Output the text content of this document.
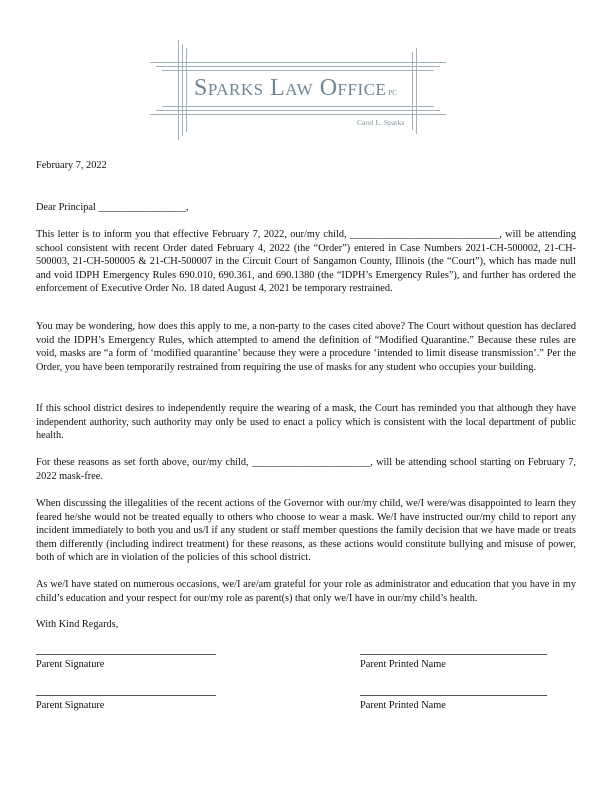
Sparks Law Office PC
Carol L. Sparks
February 7, 2022
Dear Principal _________________,
This letter is to inform you that effective February 7, 2022, our/my child, _____________________________, will be attending school consistent with recent Order dated February 4, 2022 (the “Order”) entered in Case Numbers 2021-CH-500002, 21-CH-500003, 21-CH-500005 & 21-CH-500007 in the Circuit Court of Sangamon County, Illinois (the “Court”), which has made null and void IDPH Emergency Rules 690.010, 690.361, and 690.1380 (the “IDPH’s Emergency Rules”), and further has ordered the enforcement of Executive Order No. 18 dated August 4, 2021 be temporary restrained.
You may be wondering, how does this apply to me, a non-party to the cases cited above? The Court without question has declared void the IDPH’s Emergency Rules, which attempted to amend the definition of “Modified Quarantine.” Because these rules are void, masks are “a form of ‘modified quarantine’ because they were a procedure ‘intended to limit disease transmission’.” Per the Order, you have been temporarily restrained from requiring the use of masks for any student who occupies your building.
If this school district desires to independently require the wearing of a mask, the Court has reminded you that although they have independent authority, such authority may only be used to enact a policy which is consistent with the local department of public health.
For these reasons as set forth above, our/my child, _______________________, will be attending school starting on February 7, 2022 mask-free.
When discussing the illegalities of the recent actions of the Governor with our/my child, we/I were/was disappointed to learn they feared he/she would not be treated equally to others who choose to wear a mask. We/I have instructed our/my child to report any incident immediately to both you and us/I if any student or staff member questions the family decision that we have made or treats them differently (including indirect treatment) for these reasons, as these actions would constitute bullying and misuse of power, both of which are in violation of the policies of this school district.
As we/I have stated on numerous occasions, we/I are/am grateful for your role as administrator and education that you have in my child’s education and your respect for our/my role as parent(s) that only we/I have in our/my child’s health.
With Kind Regards,
Parent Signature	Parent Printed Name
Parent Signature	Parent Printed Name
